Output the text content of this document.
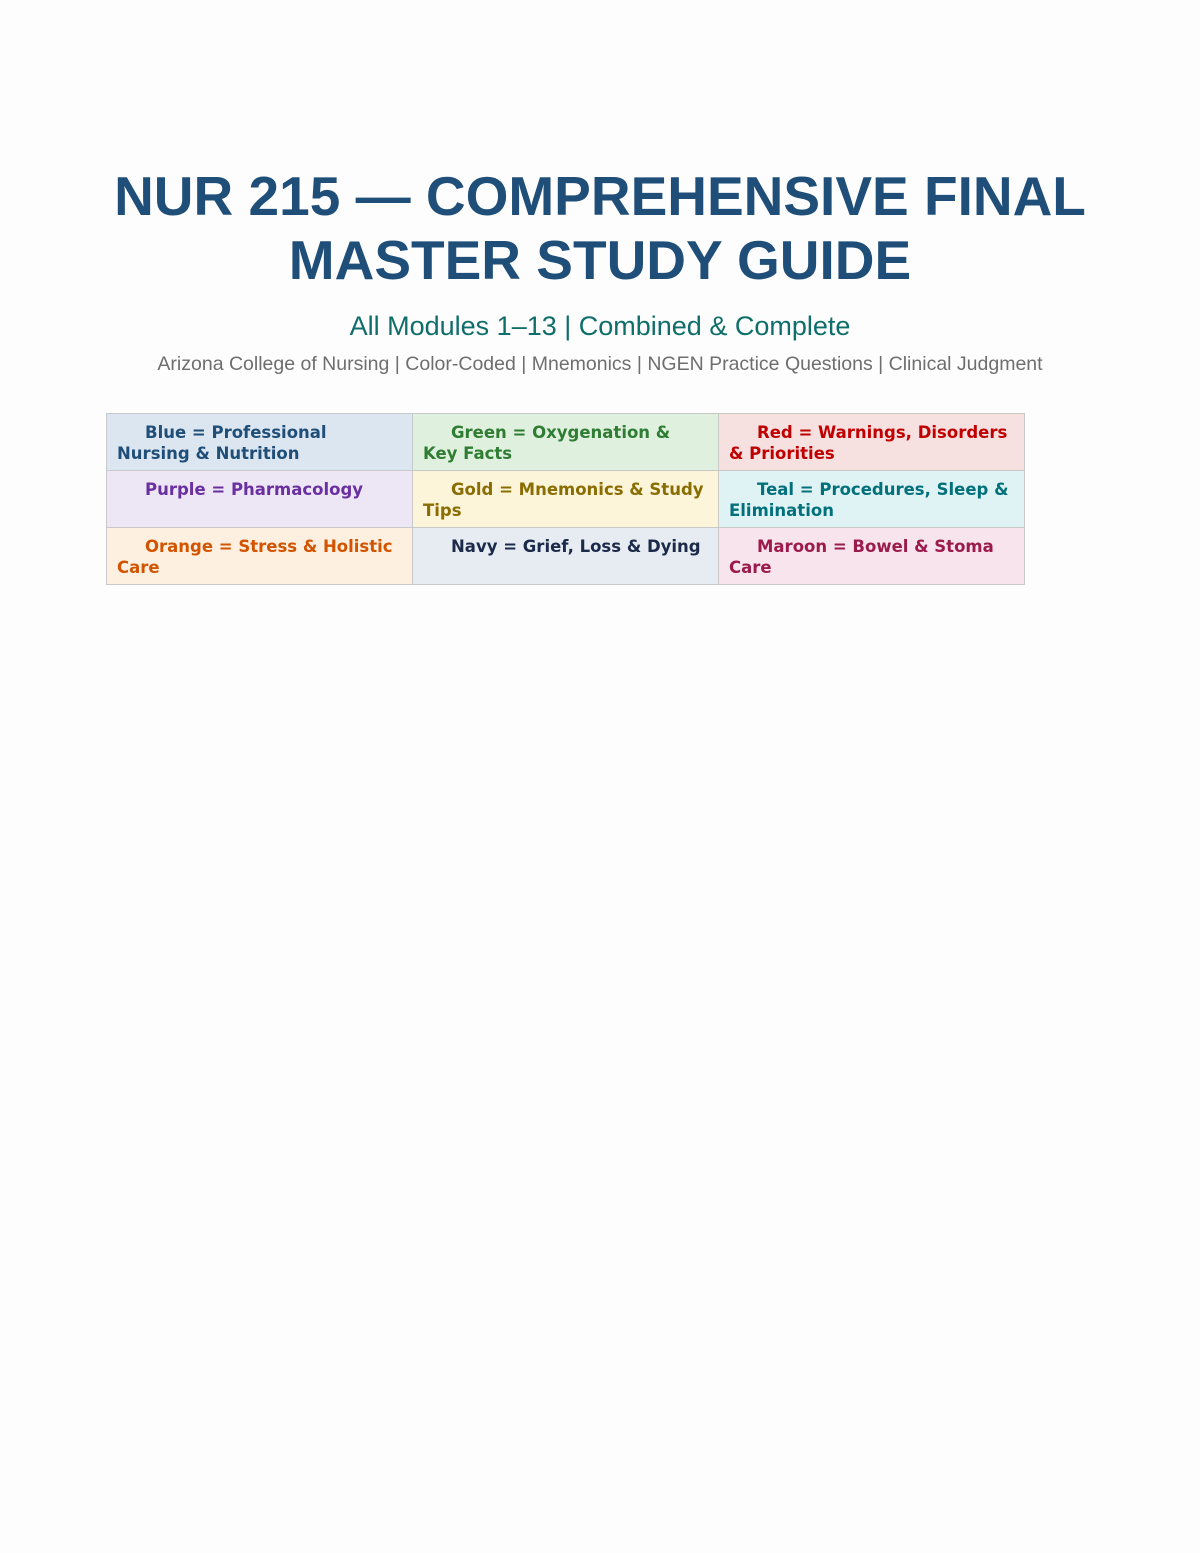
NUR 215 — COMPREHENSIVE FINAL
MASTER STUDY GUIDE

All Modules 1–13 | Combined & Complete

Arizona College of Nursing | Color-Coded | Mnemonics | NGEN Practice Questions | Clinical Judgment

Blue = Professional Nursing & Nutrition	Green = Oxygenation & Key Facts	Red = Warnings, Disorders & Priorities
Purple = Pharmacology	Gold = Mnemonics & Study Tips	Teal = Procedures, Sleep & Elimination
Orange = Stress & Holistic Care	Navy = Grief, Loss & Dying	Maroon = Bowel & Stoma Care
